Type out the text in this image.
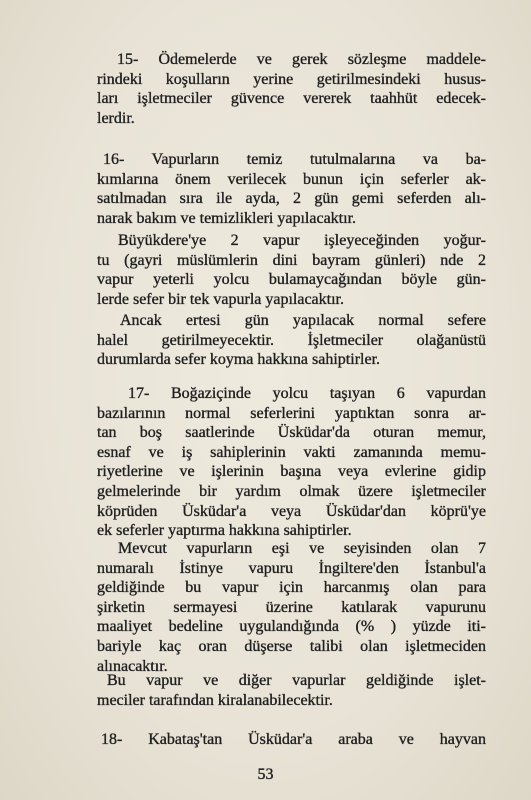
15- Ödemelerde ve gerek sözleşme maddele-
rindeki koşulların yerine getirilmesindeki husus-
ları işletmeciler güvence vererek taahhüt edecek-
lerdir.
16- Vapurların temiz tutulmalarına va ba-
kımlarına önem verilecek bunun için seferler ak-
satılmadan sıra ile ayda, 2 gün gemi seferden alı-
narak bakım ve temizlikleri yapılacaktır.
Büyükdere'ye 2 vapur işleyeceğinden yoğur-
tu (gayri müslümlerin dini bayram günleri) nde 2
vapur yeterli yolcu bulamaycağından böyle gün-
lerde sefer bir tek vapurla yapılacaktır.
Ancak ertesi gün yapılacak normal sefere
halel getirilmeyecektir. İşletmeciler olağanüstü
durumlarda sefer koyma hakkına sahiptirler.
17- Boğaziçinde yolcu taşıyan 6 vapurdan
bazılarının normal seferlerini yaptıktan sonra ar-
tan boş saatlerinde Üsküdar'da oturan memur,
esnaf ve iş sahiplerinin vakti zamanında memu-
riyetlerine ve işlerinin başına veya evlerine gidip
gelmelerinde bir yardım olmak üzere işletmeciler
köprüden Üsküdar'a veya Üsküdar'dan köprü'ye
ek seferler yaptırma hakkına sahiptirler.
Mevcut vapurların eşi ve seyisinden olan 7
numaralı İstinye vapuru İngiltere'den İstanbul'a
geldiğinde bu vapur için harcanmış olan para
şirketin sermayesi üzerine katılarak vapurunu
maaliyet bedeline uygulandığında (% ) yüzde iti-
bariyle kaç oran düşerse talibi olan işletmeciden
alınacaktır.
Bu vapur ve diğer vapurlar geldiğinde işlet-
meciler tarafından kiralanabilecektir.
18- Kabataş'tan Üsküdar'a araba ve hayvan
53
